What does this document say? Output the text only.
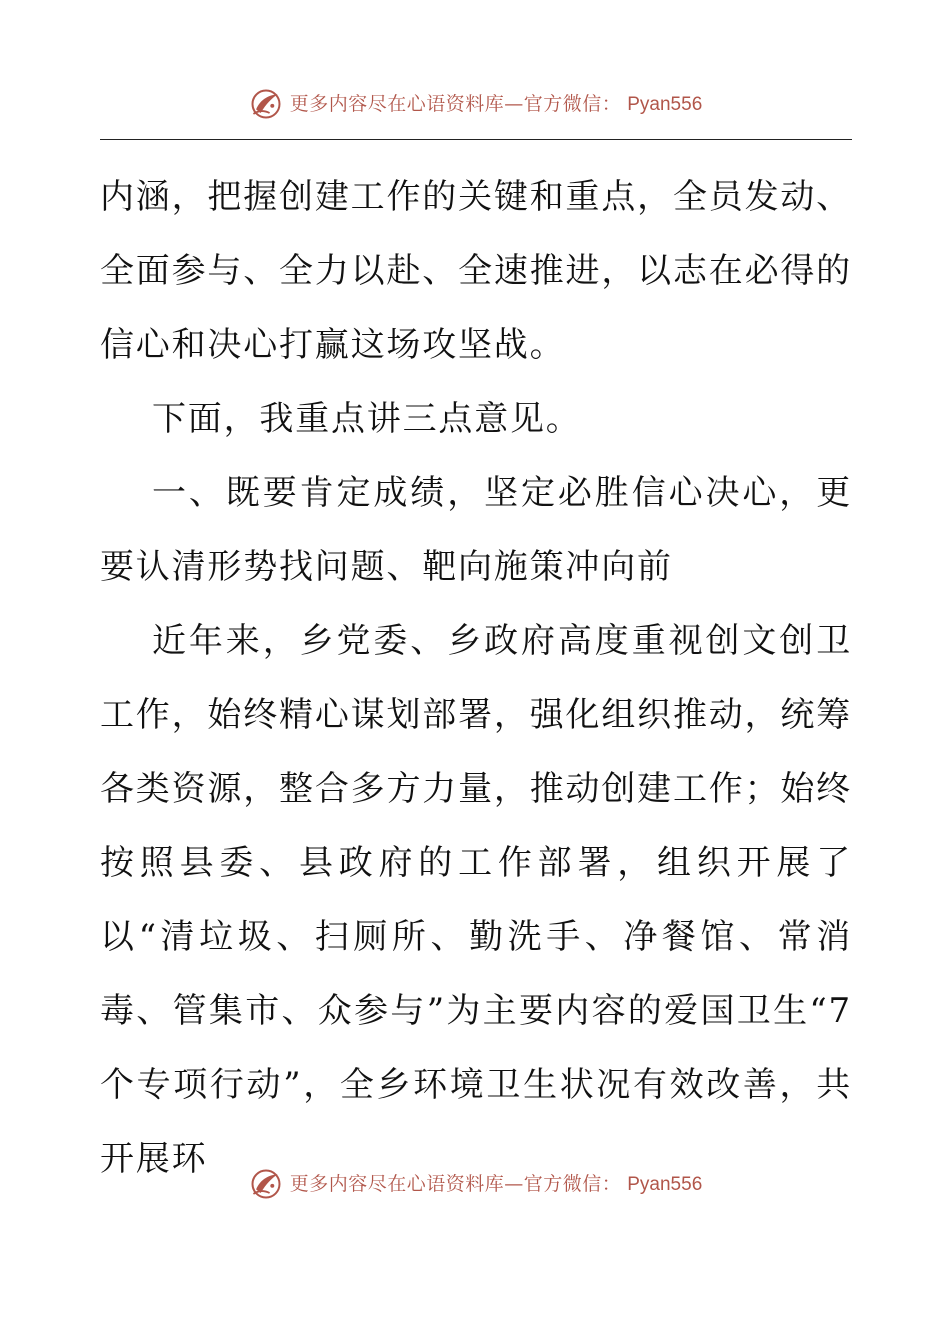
更多内容尽在心语资料库—官方微信： Pyan556

内涵，把握创建工作的关键和重点，全员发动、全面参与、全力以赴、全速推进，以志在必得的信心和决心打赢这场攻坚战。

下面，我重点讲三点意见。

一、既要肯定成绩，坚定必胜信心决心，更要认清形势找问题、靶向施策冲向前

近年来，乡党委、乡政府高度重视创文创卫工作，始终精心谋划部署，强化组织推动，统筹各类资源，整合多方力量，推动创建工作；始终按照县委、县政府的工作部署，组织开展了以“清垃圾、扫厕所、勤洗手、净餐馆、常消毒、管集市、众参与”为主要内容的爱国卫生“7个专项行动”，全乡环境卫生状况有效改善，共开展环

更多内容尽在心语资料库—官方微信： Pyan556
